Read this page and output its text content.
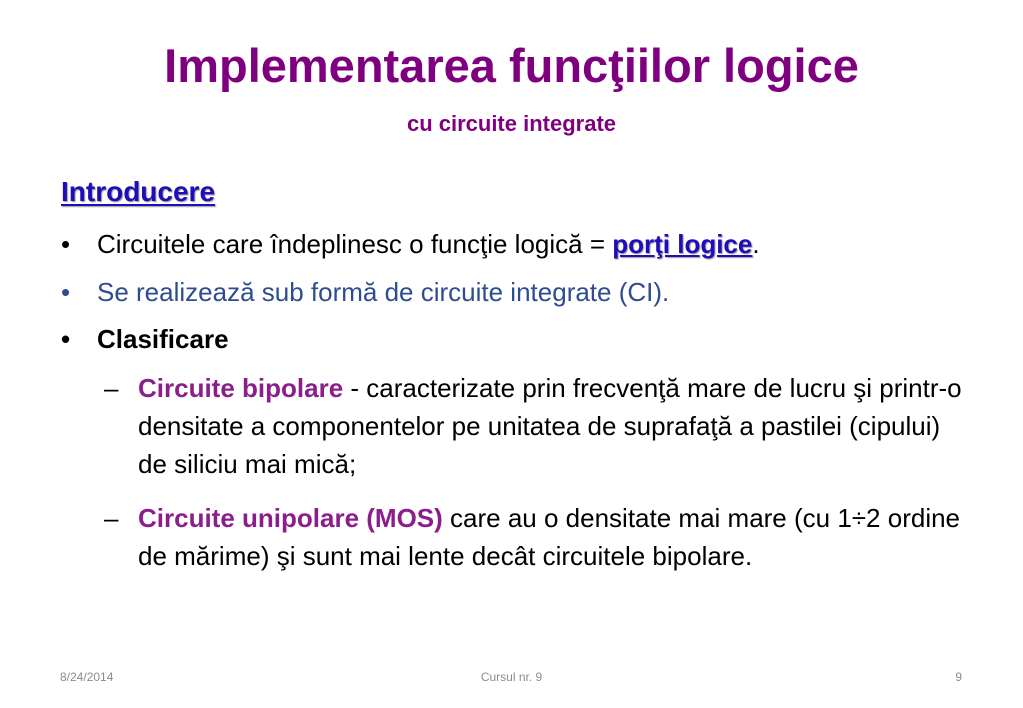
Implementarea funcţiilor logice
cu circuite integrate
Introducere
• Circuitele care îndeplinesc o funcţie logică = porţi logice.
• Se realizează sub formă de circuite integrate (CI).
• Clasificare
– Circuite bipolare - caracterizate prin frecvenţă mare de lucru şi printr-o densitate a componentelor pe unitatea de suprafaţă a pastilei (cipului) de siliciu mai mică;
– Circuite unipolare (MOS) care au o densitate mai mare (cu 1÷2 ordine de mărime) şi sunt mai lente decât circuitele bipolare.
8/24/2014	Cursul nr. 9	9
